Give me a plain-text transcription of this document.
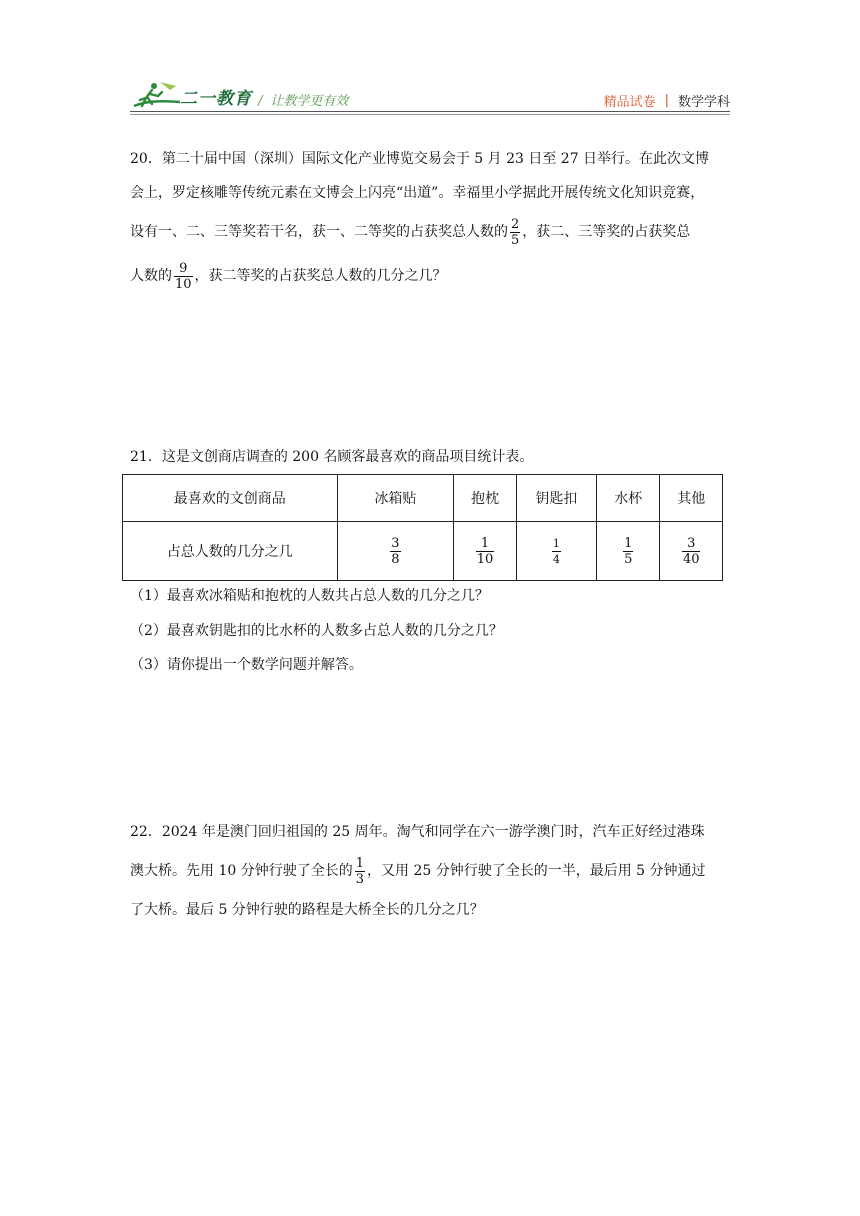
二一教育 / 让教学更有效	精品试卷 | 数学学科
20．第二十届中国（深圳）国际文化产业博览交易会于 5 月 23 日至 27 日举行。在此次文博
会上，罗定核雕等传统元素在文博会上闪亮“出道”。幸福里小学据此开展传统文化知识竞赛，
设有一、二、三等奖若干名，获一、二等奖的占获奖总人数的 $\frac{2}{5}$ ，获二、三等奖的占获奖总
人数的 $\frac{9}{10}$ ，获二等奖的占获奖总人数的几分之几？
21．这是文创商店调查的 200 名顾客最喜欢的商品项目统计表。
最喜欢的文创商品	冰箱贴	抱枕	钥匙扣	水杯	其他
占总人数的几分之几	$\frac{3}{8}$	$\frac{1}{10}$	$\frac{1}{4}$	$\frac{1}{5}$	$\frac{3}{40}$
（1）最喜欢冰箱贴和抱枕的人数共占总人数的几分之几？
（2）最喜欢钥匙扣的比水杯的人数多占总人数的几分之几？
（3）请你提出一个数学问题并解答。
22．2024 年是澳门回归祖国的 25 周年。淘气和同学在六一游学澳门时，汽车正好经过港珠
澳大桥。先用 10 分钟行驶了全长的 $\frac{1}{3}$ ，又用 25 分钟行驶了全长的一半，最后用 5 分钟通过
了大桥。最后 5 分钟行驶的路程是大桥全长的几分之几？
